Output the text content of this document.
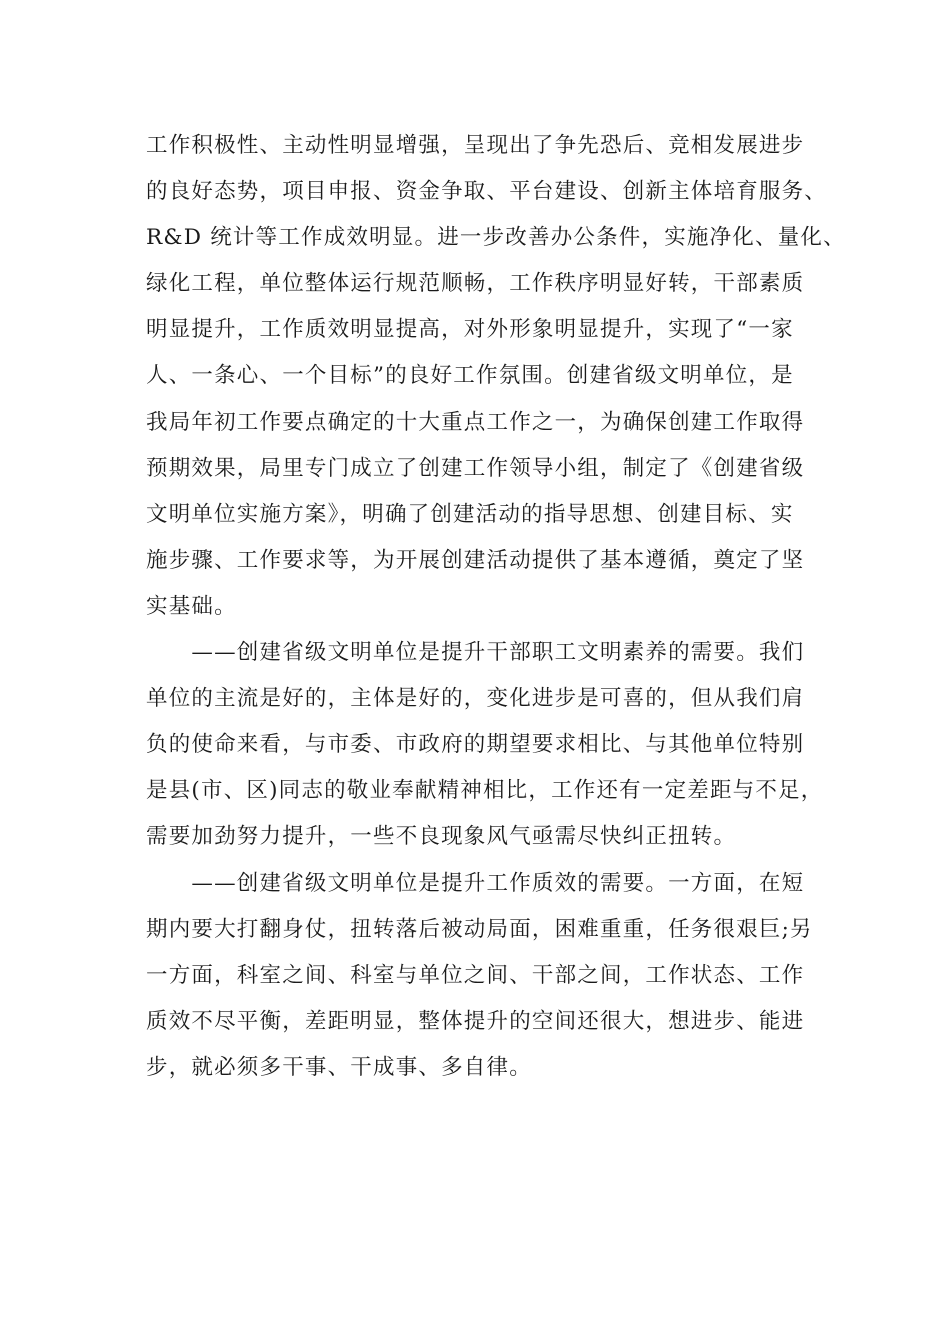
工作积极性、主动性明显增强，呈现出了争先恐后、竞相发展进步
的良好态势，项目申报、资金争取、平台建设、创新主体培育服务、
R&D 统计等工作成效明显。进一步改善办公条件，实施净化、量化、
绿化工程，单位整体运行规范顺畅，工作秩序明显好转，干部素质
明显提升，工作质效明显提高，对外形象明显提升，实现了“一家
人、一条心、一个目标”的良好工作氛围。创建省级文明单位，是
我局年初工作要点确定的十大重点工作之一，为确保创建工作取得
预期效果，局里专门成立了创建工作领导小组，制定了《创建省级
文明单位实施方案》，明确了创建活动的指导思想、创建目标、实
施步骤、工作要求等，为开展创建活动提供了基本遵循，奠定了坚
实基础。
　　——创建省级文明单位是提升干部职工文明素养的需要。我们
单位的主流是好的，主体是好的，变化进步是可喜的，但从我们肩
负的使命来看，与市委、市政府的期望要求相比、与其他单位特别
是县(市、区)同志的敬业奉献精神相比，工作还有一定差距与不足，
需要加劲努力提升，一些不良现象风气亟需尽快纠正扭转。
　　——创建省级文明单位是提升工作质效的需要。一方面，在短
期内要大打翻身仗，扭转落后被动局面，困难重重，任务很艰巨;另
一方面，科室之间、科室与单位之间、干部之间，工作状态、工作
质效不尽平衡，差距明显，整体提升的空间还很大，想进步、能进
步，就必须多干事、干成事、多自律。
